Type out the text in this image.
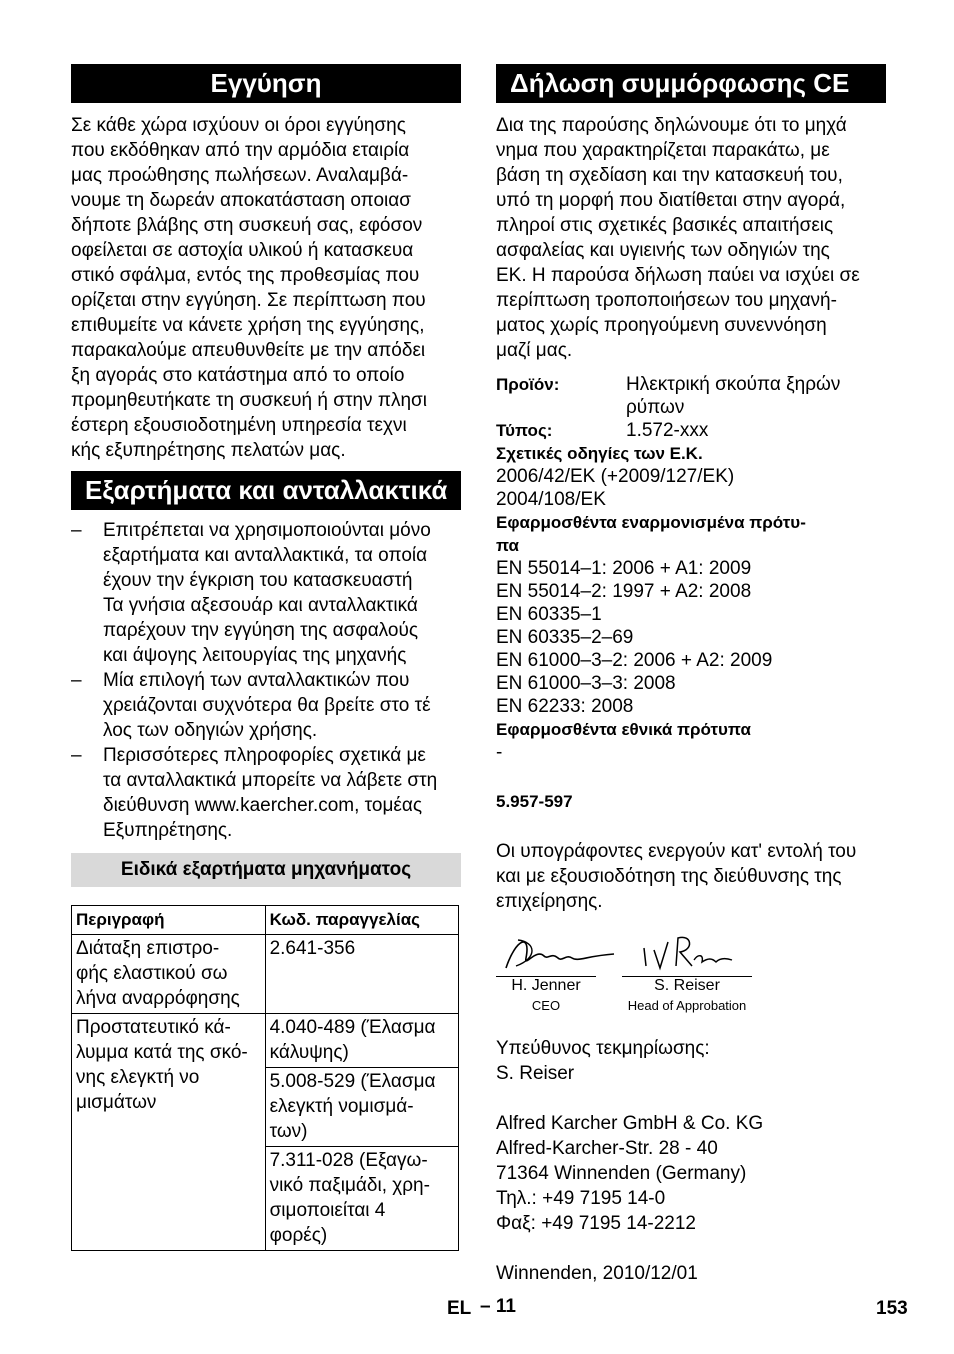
Εγγύηση
Σε κάθε χώρα ισχύουν οι όροι εγγύησης
που εκδόθηκαν από την αρμόδια εταιρία
μας προώθησης πωλήσεων. Αναλαμβά-
νουμε τη δωρεάν αποκατάσταση οποιασ
δήποτε βλάβης στη συσκευή σας, εφόσον
οφείλεται σε αστοχία υλικού ή κατασκευα
στικό σφάλμα, εντός της προθεσμίας που
ορίζεται στην εγγύηση. Σε περίπτωση που
επιθυμείτε να κάνετε χρήση της εγγύησης,
παρακαλούμε απευθυνθείτε με την απόδει
ξη αγοράς στο κατάστημα από το οποίο
προμηθευτήκατε τη συσκευή ή στην πλησι
έστερη εξουσιοδοτημένη υπηρεσία τεχνι
κής εξυπηρέτησης πελατών μας.
Εξαρτήματα και ανταλλακτικά
– Επιτρέπεται να χρησιμοποιούνται μόνο
εξαρτήματα και ανταλλακτικά, τα οποία
έχουν την έγκριση του κατασκευαστή
Τα γνήσια αξεσουάρ και ανταλλακτικά
παρέχουν την εγγύηση της ασφαλούς
και άψογης λειτουργίας της μηχανής
– Μία επιλογή των ανταλλακτικών που
χρειάζονται συχνότερα θα βρείτε στο τέ
λος των οδηγιών χρήσης.
– Περισσότερες πληροφορίες σχετικά με
τα ανταλλακτικά μπορείτε να λάβετε στη
διεύθυνση www.kaercher.com, τομέας
Εξυπηρέτησης.
Ειδικά εξαρτήματα μηχανήματος
Περιγραφή	Κωδ. παραγγελίας

Διάταξη επιστρο-
φής ελαστικού σω
λήνα αναρρόφησης	2.641-356

Προστατευτικό κά-
λυμμα κατά της σκό-
νης ελεγκτή νο
μισμάτων	4.040-489 (Έλασμα
κάλυψης)

	5.008-529 (Έλασμα
ελεγκτή νομισμά-
των)

	7.311-028 (Εξαγω-
νικό παξιμάδι, χρη-
σιμοποιείται 4
φορές)
Δήλωση συμμόρφωσης CE
Δια της παρούσης δηλώνουμε ότι το μηχά
νημα που χαρακτηρίζεται παρακάτω, με
βάση τη σχεδίαση και την κατασκευή του,
υπό τη μορφή που διατίθεται στην αγορά,
πληροί στις σχετικές βασικές απαιτήσεις
ασφαλείας και υγιεινής των οδηγιών της
ΕΚ. Η παρούσα δήλωση παύει να ισχύει σε
περίπτωση τροποποιήσεων του μηχανή-
ματος χωρίς προηγούμενη συνεννόηση
μαζί μας.
Προϊόν:	Ηλεκτρική σκούπα ξηρών
ρύπων
Τύπος:	1.572-xxx
Σχετικές οδηγίες των Ε.Κ.
2006/42/ΕΚ (+2009/127/ΕΚ)
2004/108/ΕΚ
Εφαρμοσθέντα εναρμονισμένα πρότυ-
πα
EN 55014–1: 2006 + A1: 2009
EN 55014–2: 1997 + A2: 2008
EN 60335–1
EN 60335–2–69
EN 61000–3–2: 2006 + A2: 2009
EN 61000–3–3: 2008
EN 62233: 2008
Εφαρμοσθέντα εθνικά πρότυπα
-
5.957-597
Οι υπογράφοντες ενεργούν κατ' εντολή του
και με εξουσιοδότηση της διεύθυνσης της
επιχείρησης.
H. Jenner
CEO
S. Reiser
Head of Approbation
Υπεύθυνος τεκμηρίωσης:
S. Reiser
Alfred Karcher GmbH & Co. KG
Alfred-Karcher-Str. 28 - 40
71364 Winnenden (Germany)
Τηλ.: +49 7195 14-0
Φαξ: +49 7195 14-2212
Winnenden, 2010/12/01
EL – 11	153
